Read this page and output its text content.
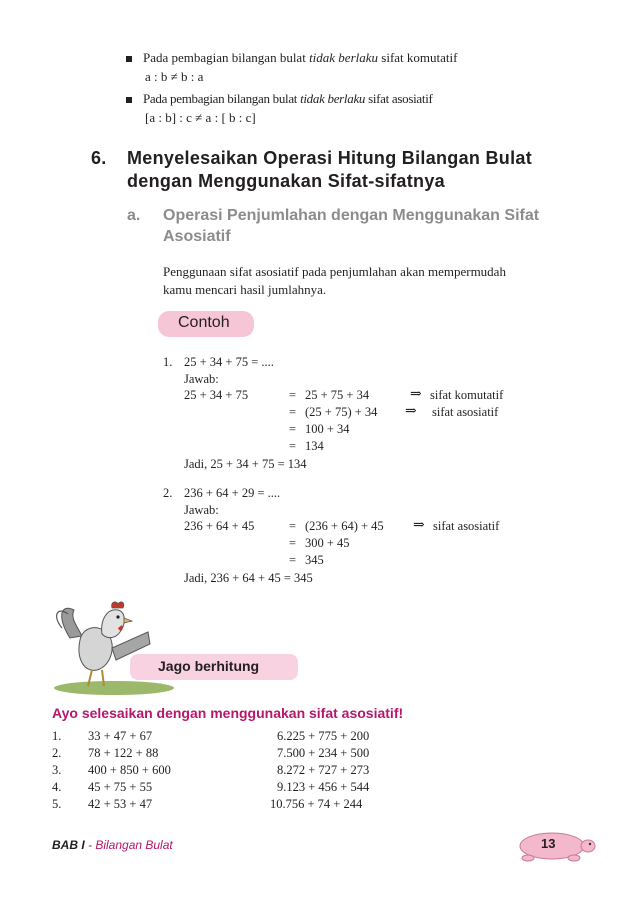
Pada pembagian bilangan bulat tidak berlaku sifat komutatif
a : b ≠ b : a
Pada pembagian bilangan bulat tidak berlaku sifat asosiatif
[a : b] : c ≠ a : [ b : c]
6. Menyelesaikan Operasi Hitung Bilangan Bulat
dengan Menggunakan Sifat-sifatnya
a. Operasi Penjumlahan dengan Menggunakan Sifat
Asosiatif
Penggunaan sifat asosiatif pada penjumlahan akan mempermudah
kamu mencari hasil jumlahnya.
Contoh
1. 25 + 34 + 75 = ....
Jawab:
25 + 34 + 75	= 25 + 75 + 34	⇒ sifat komutatif
= (25 + 75) + 34 ⇒ sifat asosiatif
= 100 + 34
= 134
Jadi, 25 + 34 + 75 = 134
2. 236 + 64 + 29 = ....
Jawab:
236 + 64 + 45	= (236 + 64) + 45 ⇒ sifat asosiatif
= 300 + 45
= 345
Jadi, 236 + 64 + 45 = 345
Jago berhitung
Ayo selesaikan dengan menggunakan sifat asosiatif!
1. 33 + 47 + 67	6.225 + 775 + 200
2. 78 + 122 + 88	7.500 + 234 + 500
3. 400 + 850 + 600	8.272 + 727 + 273
4. 45 + 75 + 55	9.123 + 456 + 544
5. 42 + 53 + 47	10.756 + 74 + 244
BAB I - Bilangan Bulat	13
